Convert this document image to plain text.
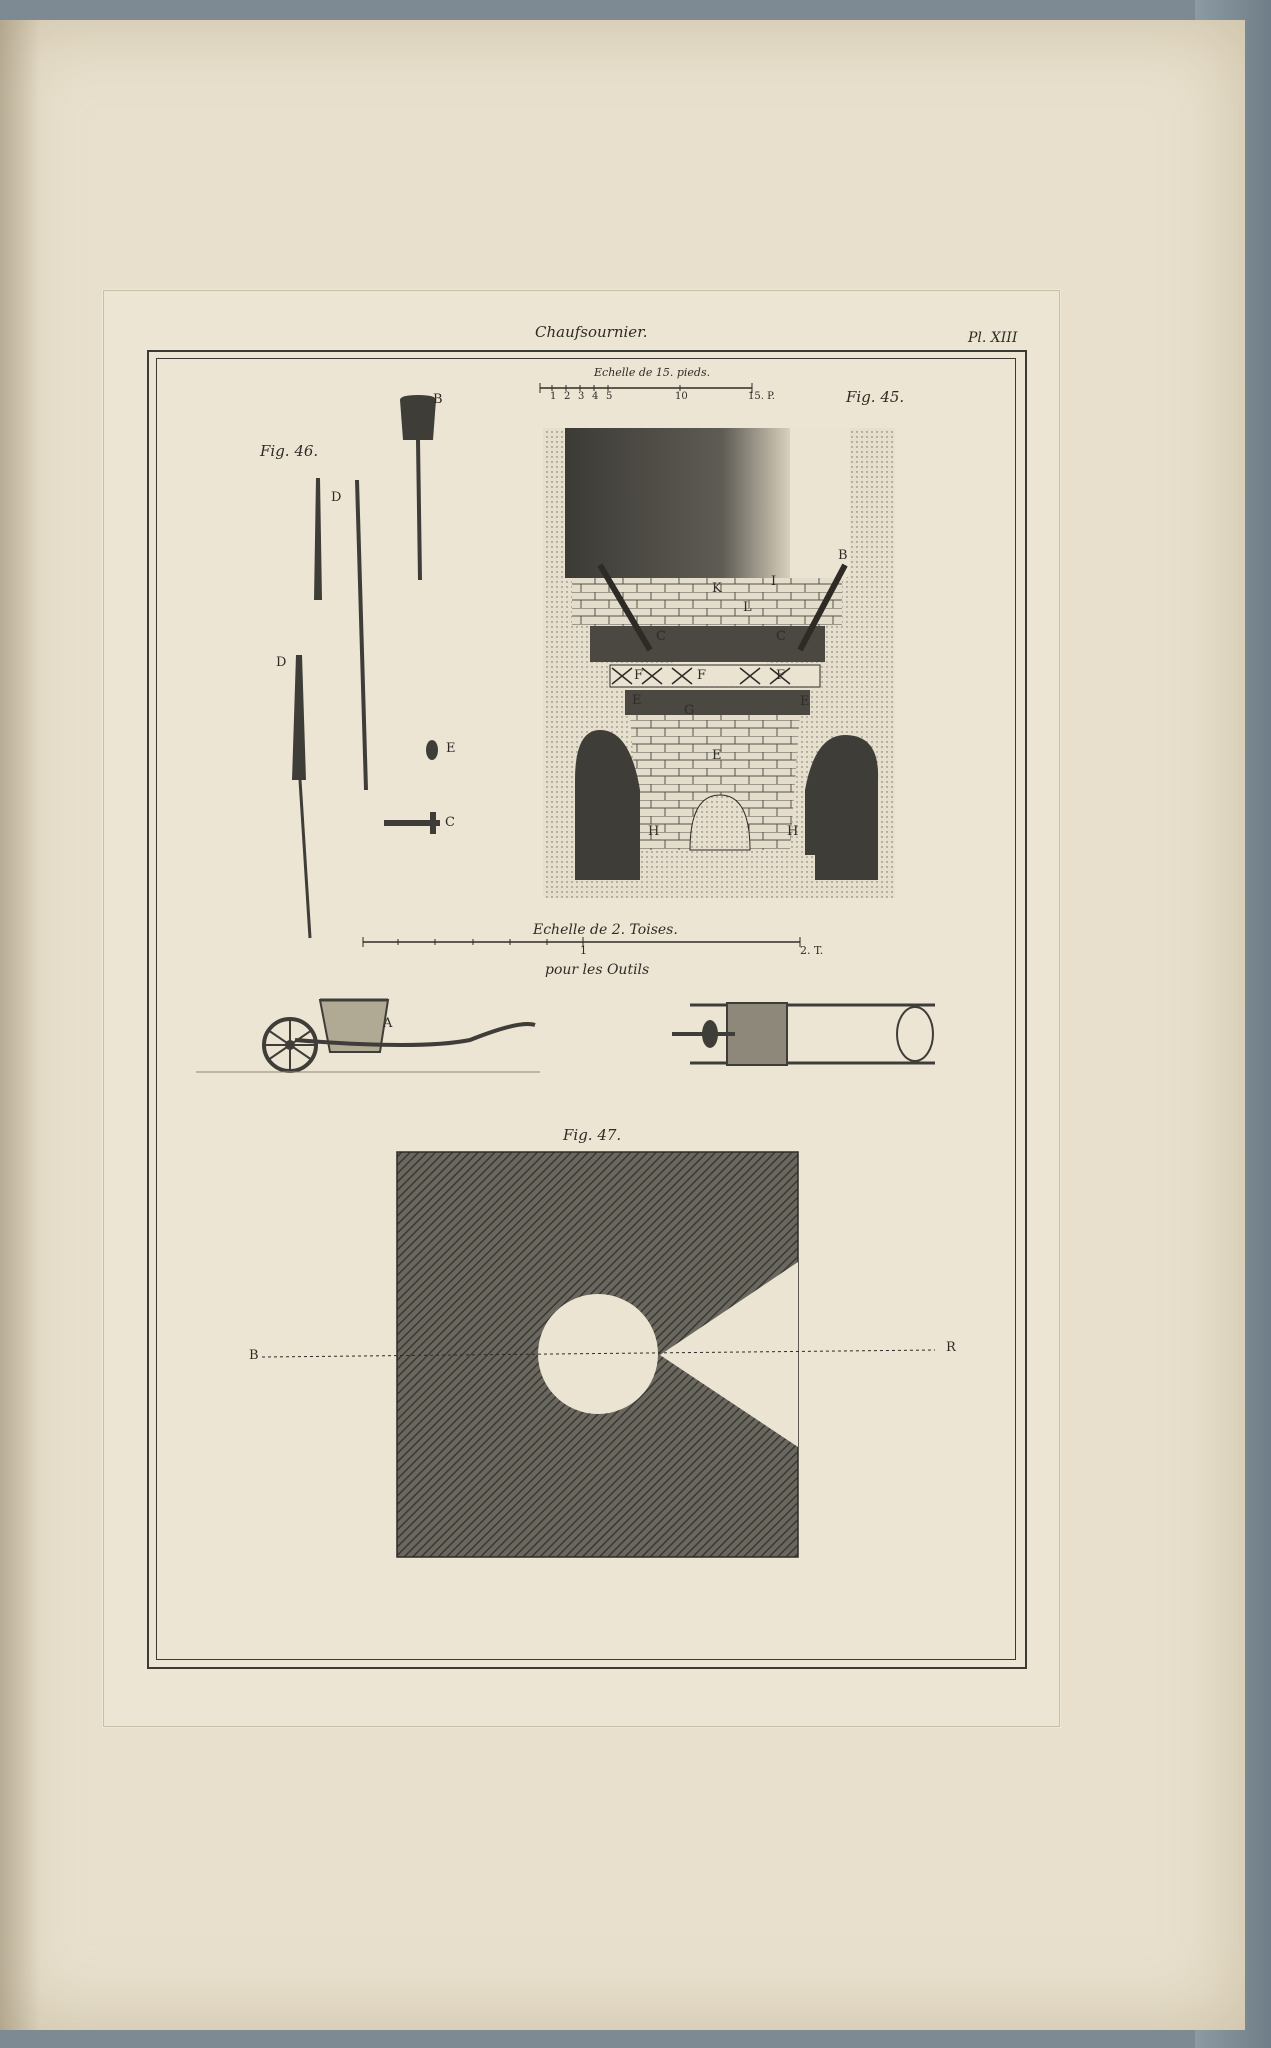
Chaufsournier.	Pl. XIII
Fig. 45.
Fig. 46.
Fig. 47.
Echelle de 15. pieds.
Echelle de 2. Toises.
pour les Outils
B
D
D
E
C
A
B
K	I
L
C	C
F	F	F
E
G
E
E
H	H
B
R
1 2 3 4 5	10	15. P.
1	2. T.
